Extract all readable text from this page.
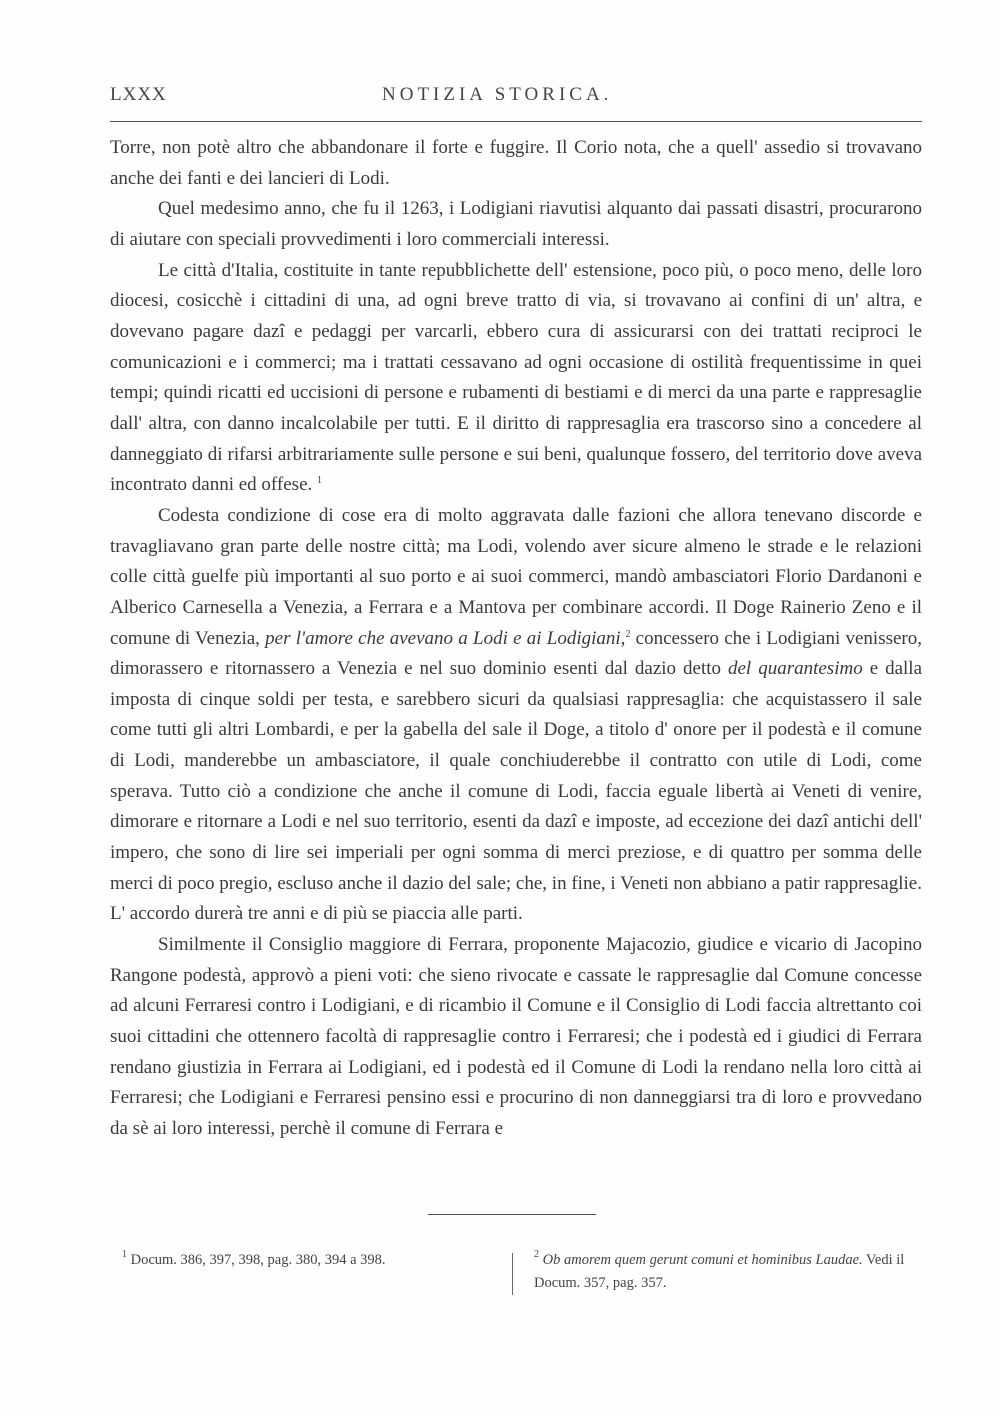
LXXX	NOTIZIA STORICA.

Torre, non potè altro che abbandonare il forte e fuggire. Il Corio nota, che a quell' assedio si trovavano anche dei fanti e dei lancieri di Lodi.

Quel medesimo anno, che fu il 1263, i Lodigiani riavutisi alquanto dai passati disastri, procurarono di aiutare con speciali provvedimenti i loro commerciali interessi.

Le città d'Italia, costituite in tante repubblichette dell' estensione, poco più, o poco meno, delle loro diocesi, cosicchè i cittadini di una, ad ogni breve tratto di via, si trovavano ai confini di un' altra, e dovevano pagare dazî e pedaggi per varcarli, ebbero cura di assicurarsi con dei trattati reciproci le comunicazioni e i commerci; ma i trattati cessavano ad ogni occasione di ostilità frequentissime in quei tempi; quindi ricatti ed uccisioni di persone e rubamenti di bestiami e di merci da una parte e rappresaglie dall' altra, con danno incalcolabile per tutti. E il diritto di rappresaglia era trascorso sino a concedere al danneggiato di rifarsi arbitrariamente sulle persone e sui beni, qualunque fossero, del territorio dove aveva incontrato danni ed offese. $^1$

Codesta condizione di cose era di molto aggravata dalle fazioni che allora tenevano discorde e travagliavano gran parte delle nostre città; ma Lodi, volendo aver sicure almeno le strade e le relazioni colle città guelfe più importanti al suo porto e ai suoi commerci, mandò ambasciatori Florio Dardanoni e Alberico Carnesella a Venezia, a Ferrara e a Mantova per combinare accordi. Il Doge Rainerio Zeno e il comune di Venezia, per l'amore che avevano a Lodi e ai Lodigiani,$^2$ concessero che i Lodigiani venissero, dimorassero e ritornassero a Venezia e nel suo dominio esenti dal dazio detto del quarantesimo e dalla imposta di cinque soldi per testa, e sarebbero sicuri da qualsiasi rappresaglia: che acquistassero il sale come tutti gli altri Lombardi, e per la gabella del sale il Doge, a titolo d' onore per il podestà e il comune di Lodi, manderebbe un ambasciatore, il quale conchiuderebbe il contratto con utile di Lodi, come sperava. Tutto ciò a condizione che anche il comune di Lodi, faccia eguale libertà ai Veneti di venire, dimorare e ritornare a Lodi e nel suo territorio, esenti da dazî e imposte, ad eccezione dei dazî antichi dell' impero, che sono di lire sei imperiali per ogni somma di merci preziose, e di quattro per somma delle merci di poco pregio, escluso anche il dazio del sale; che, in fine, i Veneti non abbiano a patir rappresaglie. L' accordo durerà tre anni e di più se piaccia alle parti.

Similmente il Consiglio maggiore di Ferrara, proponente Majacozio, giudice e vicario di Jacopino Rangone podestà, approvò a pieni voti: che sieno rivocate e cassate le rappresaglie dal Comune concesse ad alcuni Ferraresi contro i Lodigiani, e di ricambio il Comune e il Consiglio di Lodi faccia altrettanto coi suoi cittadini che ottennero facoltà di rappresaglie contro i Ferraresi; che i podestà ed i giudici di Ferrara rendano giustizia in Ferrara ai Lodigiani, ed i podestà ed il Comune di Lodi la rendano nella loro città ai Ferraresi; che Lodigiani e Ferraresi pensino essi e procurino di non danneggiarsi tra di loro e provvedano da sè ai loro interessi, perchè il comune di Ferrara e

$^1$ Docum. 386, 397, 398, pag. 380, 394 a 398.	$^2$ Ob amorem quem gerunt comuni et hominibus Laudae. Vedi il Docum. 357, pag. 357.
